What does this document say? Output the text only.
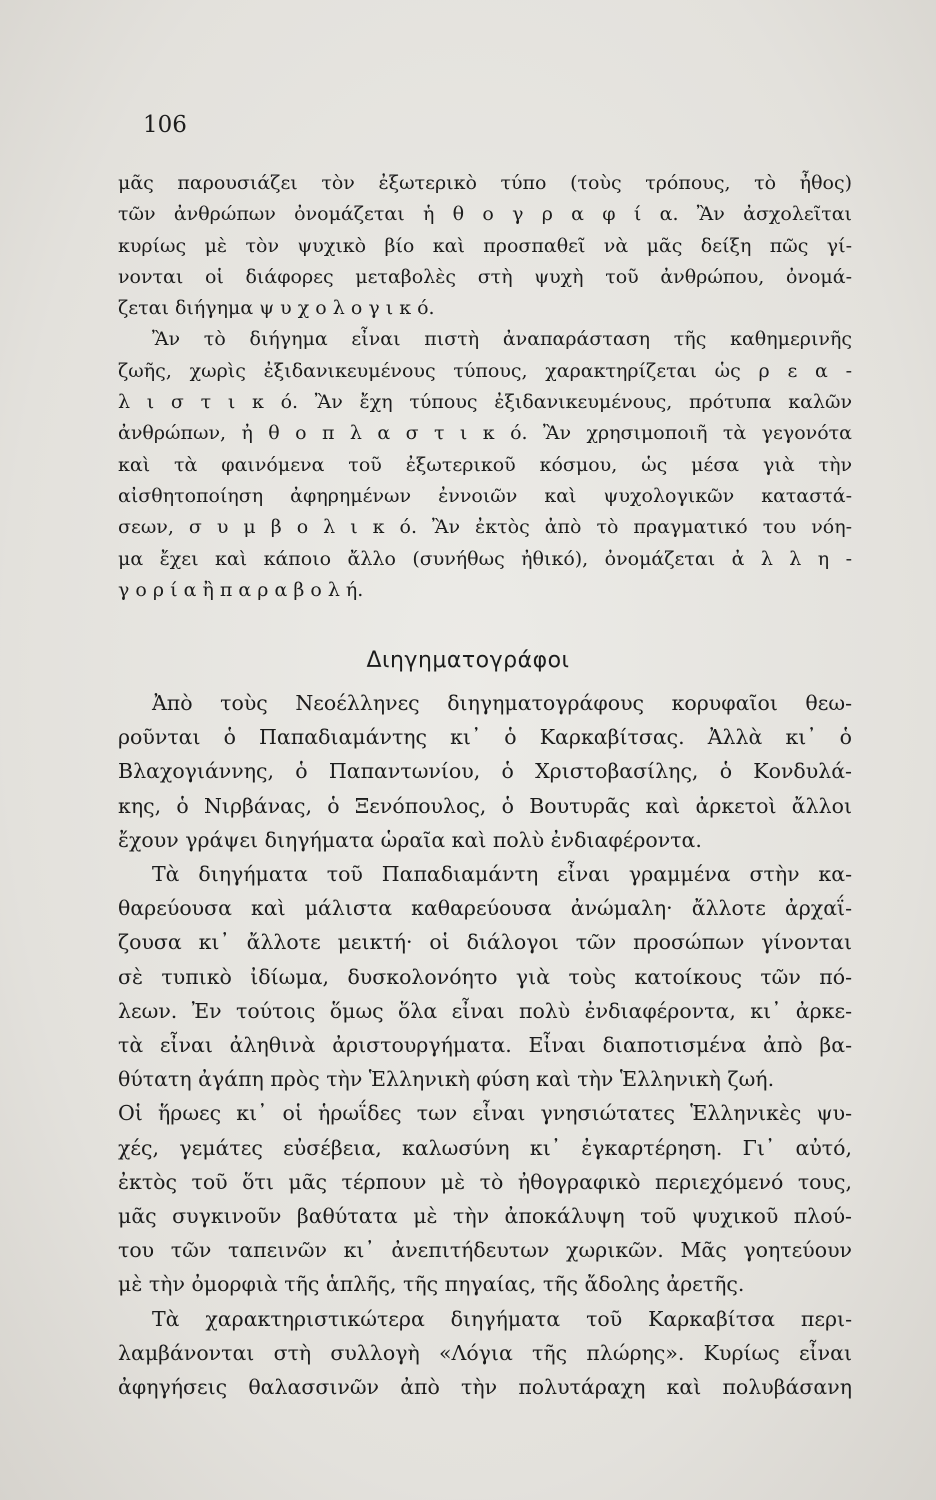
106
μᾶς παρουσιάζει τὸν ἐξωτερικὸ τύπο (τοὺς τρόπους, τὸ ἦθος)
τῶν ἀνθρώπων ὀνομάζεται ἡ θ ο γ ρ α φ ί α. Ἂν ἀσχολεῖται
κυρίως μὲ τὸν ψυχικὸ βίο καὶ προσπαθεῖ νὰ μᾶς δείξη πῶς γί-
νονται οἱ διάφορες μεταβολὲς στὴ ψυχὴ τοῦ ἀνθρώπου, ὀνομά-
ζεται διήγημα ψ υ χ ο λ ο γ ι κ ό.
Ἂν τὸ διήγημα εἶναι πιστὴ ἀναπαράσταση τῆς καθημερινῆς
ζωῆς, χωρὶς ἐξιδανικευμένους τύπους, χαρακτηρίζεται ὡς ρ ε α -
λ ι σ τ ι κ ό. Ἂν ἔχη τύπους ἐξιδανικευμένους, πρότυπα καλῶν
ἀνθρώπων, ἠ θ ο π λ α σ τ ι κ ό. Ἂν χρησιμοποιῆ τὰ γεγονότα
καὶ τὰ φαινόμενα τοῦ ἐξωτερικοῦ κόσμου, ὡς μέσα γιὰ τὴν
αἰσθητοποίηση ἀφηρημένων ἐννοιῶν καὶ ψυχολογικῶν καταστά-
σεων, σ υ μ β ο λ ι κ ό. Ἂν ἐκτὸς ἀπὸ τὸ πραγματικό του νόη-
μα ἔχει καὶ κάποιο ἄλλο (συνήθως ἠθικό), ὀνομάζεται ἀ λ λ η -
γ ο ρ ί α ἢ π α ρ α β ο λ ή.
Διηγηματογράφοι
Ἀπὸ τοὺς Νεοέλληνες διηγηματογράφους κορυφαῖοι θεω-
ροῦνται ὁ Παπαδιαμάντης κι᾿ ὁ Καρκαβίτσας. Ἀλλὰ κι᾿ ὁ
Βλαχογιάννης, ὁ Παπαντωνίου, ὁ Χριστοβασίλης, ὁ Κονδυλά-
κης, ὁ Νιρβάνας, ὁ Ξενόπουλος, ὁ Βουτυρᾶς καὶ ἀρκετοὶ ἄλλοι
ἔχουν γράψει διηγήματα ὡραῖα καὶ πολὺ ἐνδιαφέροντα.
Τὰ διηγήματα τοῦ Παπαδιαμάντη εἶναι γραμμένα στὴν κα-
θαρεύουσα καὶ μάλιστα καθαρεύουσα ἀνώμαλη· ἄλλοτε ἀρχαΐ-
ζουσα κι᾿ ἄλλοτε μεικτή· οἱ διάλογοι τῶν προσώπων γίνονται
σὲ τυπικὸ ἰδίωμα, δυσκολονόητο γιὰ τοὺς κατοίκους τῶν πό-
λεων. Ἐν τούτοις ὅμως ὅλα εἶναι πολὺ ἐνδιαφέροντα, κι᾿ ἀρκε-
τὰ εἶναι ἀληθινὰ ἀριστουργήματα. Εἶναι διαποτισμένα ἀπὸ βα-
θύτατη ἀγάπη πρὸς τὴν Ἑλληνικὴ φύση καὶ τὴν Ἑλληνικὴ ζωή.
Οἱ ἥρωες κι᾿ οἱ ἡρωΐδες των εἶναι γνησιώτατες Ἑλληνικὲς ψυ-
χές, γεμάτες εὐσέβεια, καλωσύνη κι᾿ ἐγκαρτέρηση. Γι᾿ αὐτό,
ἐκτὸς τοῦ ὅτι μᾶς τέρπουν μὲ τὸ ἠθογραφικὸ περιεχόμενό τους,
μᾶς συγκινοῦν βαθύτατα μὲ τὴν ἀποκάλυψη τοῦ ψυχικοῦ πλού-
του τῶν ταπεινῶν κι᾿ ἀνεπιτήδευτων χωρικῶν. Μᾶς γοητεύουν
μὲ τὴν ὀμορφιὰ τῆς ἁπλῆς, τῆς πηγαίας, τῆς ἄδολης ἀρετῆς.
Τὰ χαρακτηριστικώτερα διηγήματα τοῦ Καρκαβίτσα περι-
λαμβάνονται στὴ συλλογὴ «Λόγια τῆς πλώρης». Κυρίως εἶναι
ἀφηγήσεις θαλασσινῶν ἀπὸ τὴν πολυτάραχη καὶ πολυβάσανη
